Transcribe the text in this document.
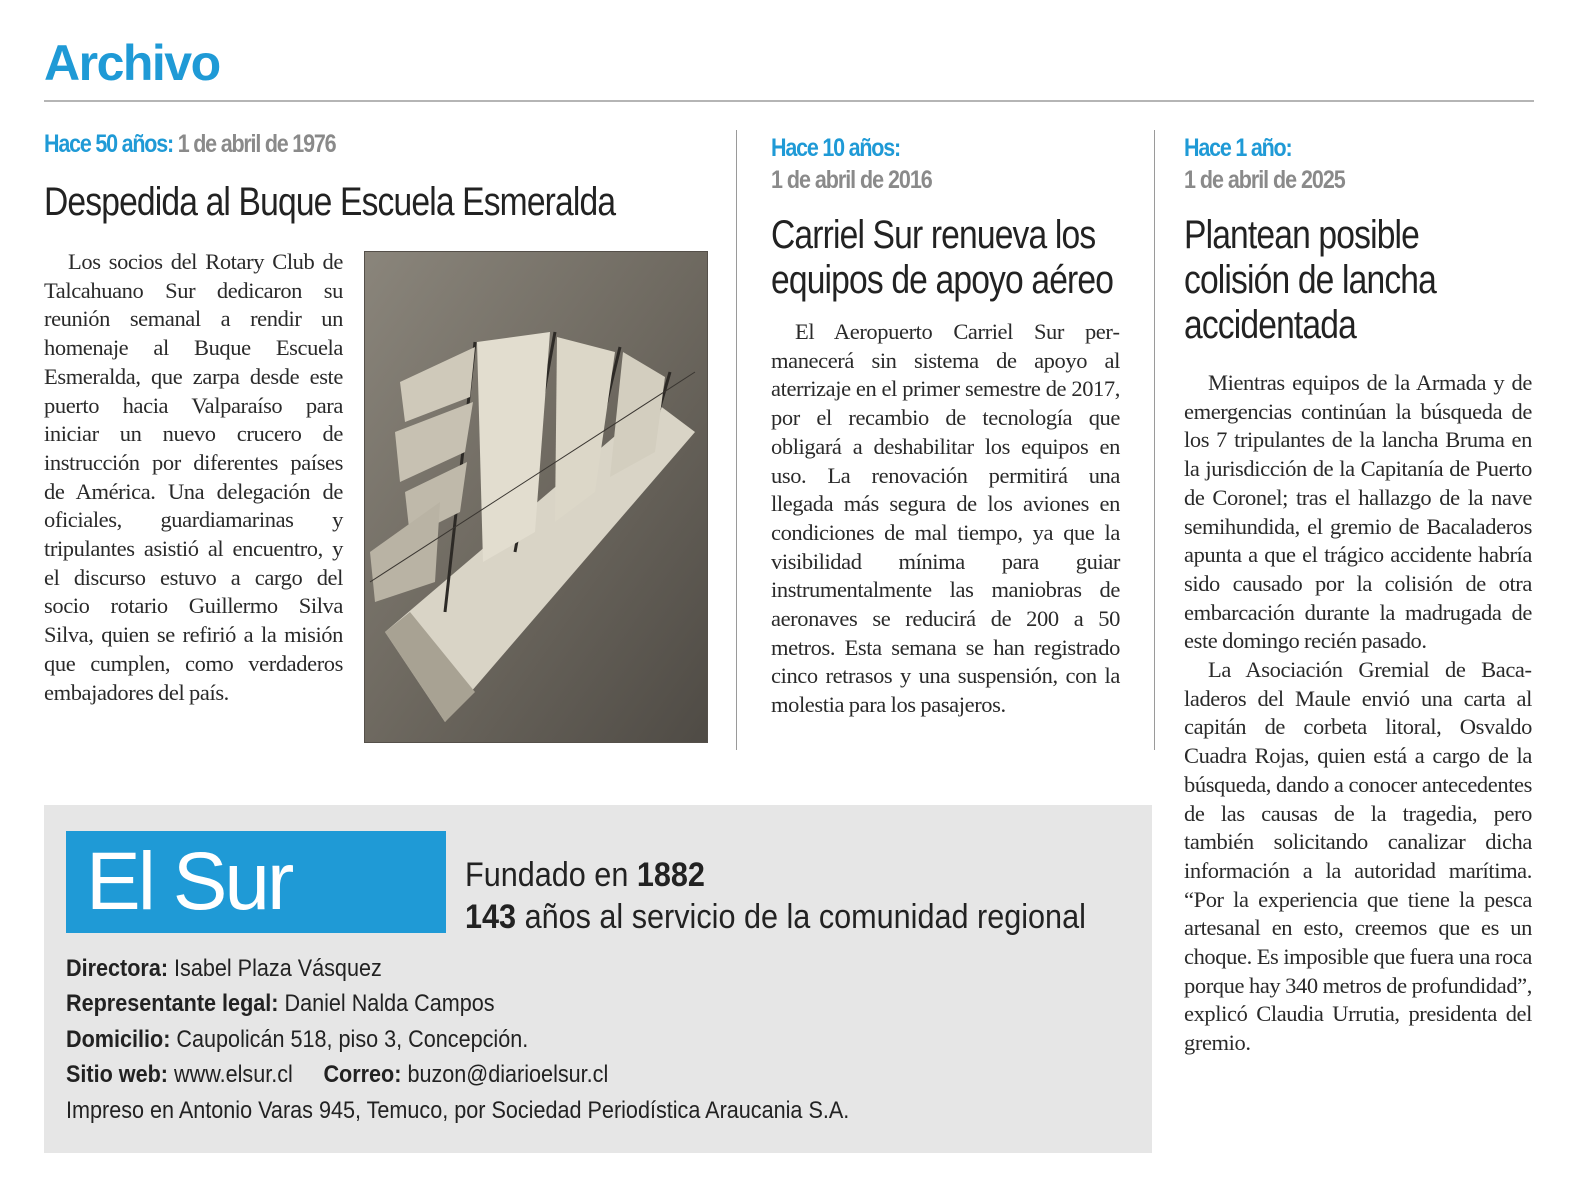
Archivo
Hace 50 años: 1 de abril de 1976
Despedida al Buque Escuela Esmeralda

Los socios del Rotary Club de Talcahuano Sur dedicaron su reunión semanal a rendir un homenaje al Buque Escuela Esmeralda, que zarpa desde este puerto hacia Valparaíso para iniciar un nuevo crucero de instrucción por diferentes países de América. Una delegación de oficiales, guardiamarinas y tripulantes asistió al encuentro, y el discurso estuvo a cargo del socio rotario Guillermo Silva Silva, quien se refirió a la misión que cumplen, como verdaderos embajadores del país.

Hace 10 años:
1 de abril de 2016
Carriel Sur renueva los
equipos de apoyo aéreo

El Aeropuerto Carriel Sur permanecerá sin sistema de apoyo al aterrizaje en el primer semestre de 2017, por el recambio de tecnología que obligará a deshabilitar los equipos en uso. La renovación permitirá una llegada más segura de los aviones en condiciones de mal tiempo, ya que la visibilidad mínima para guiar instrumentalmente las maniobras de aeronaves se reducirá de 200 a 50 metros. Esta semana se han registrado cinco retrasos y una suspensión, con la molestia para los pasajeros.

Hace 1 año:
1 de abril de 2025
Plantean posible
colisión de lancha
accidentada

Mientras equipos de la Armada y de emergencias continúan la búsqueda de los 7 tripulantes de la lancha Bruma en la jurisdicción de la Capitanía de Puerto de Coronel; tras el hallazgo de la nave semihundida, el gremio de Bacaladeros apunta a que el trágico accidente habría sido causado por la colisión de otra embarcación durante la madrugada de este domingo recién pasado.

La Asociación Gremial de Bacaladeros del Maule envió una carta al capitán de corbeta litoral, Osvaldo Cuadra Rojas, quien está a cargo de la búsqueda, dando a conocer antecedentes de las causas de la tragedia, pero también solicitando canalizar dicha información a la autoridad marítima. “Por la experiencia que tiene la pesca artesanal en esto, creemos que es un choque. Es imposible que fuera una roca porque hay 340 metros de profundidad”, explicó Claudia Urrutia, presidenta del gremio.

El Sur	Fundado en 1882
143 años al servicio de la comunidad regional
Directora: Isabel Plaza Vásquez
Representante legal: Daniel Nalda Campos
Domicilio: Caupolicán 518, piso 3, Concepción.
Sitio web: www.elsur.cl Correo: buzon@diarioelsur.cl
Impreso en Antonio Varas 945, Temuco, por Sociedad Periodística Araucania S.A.
